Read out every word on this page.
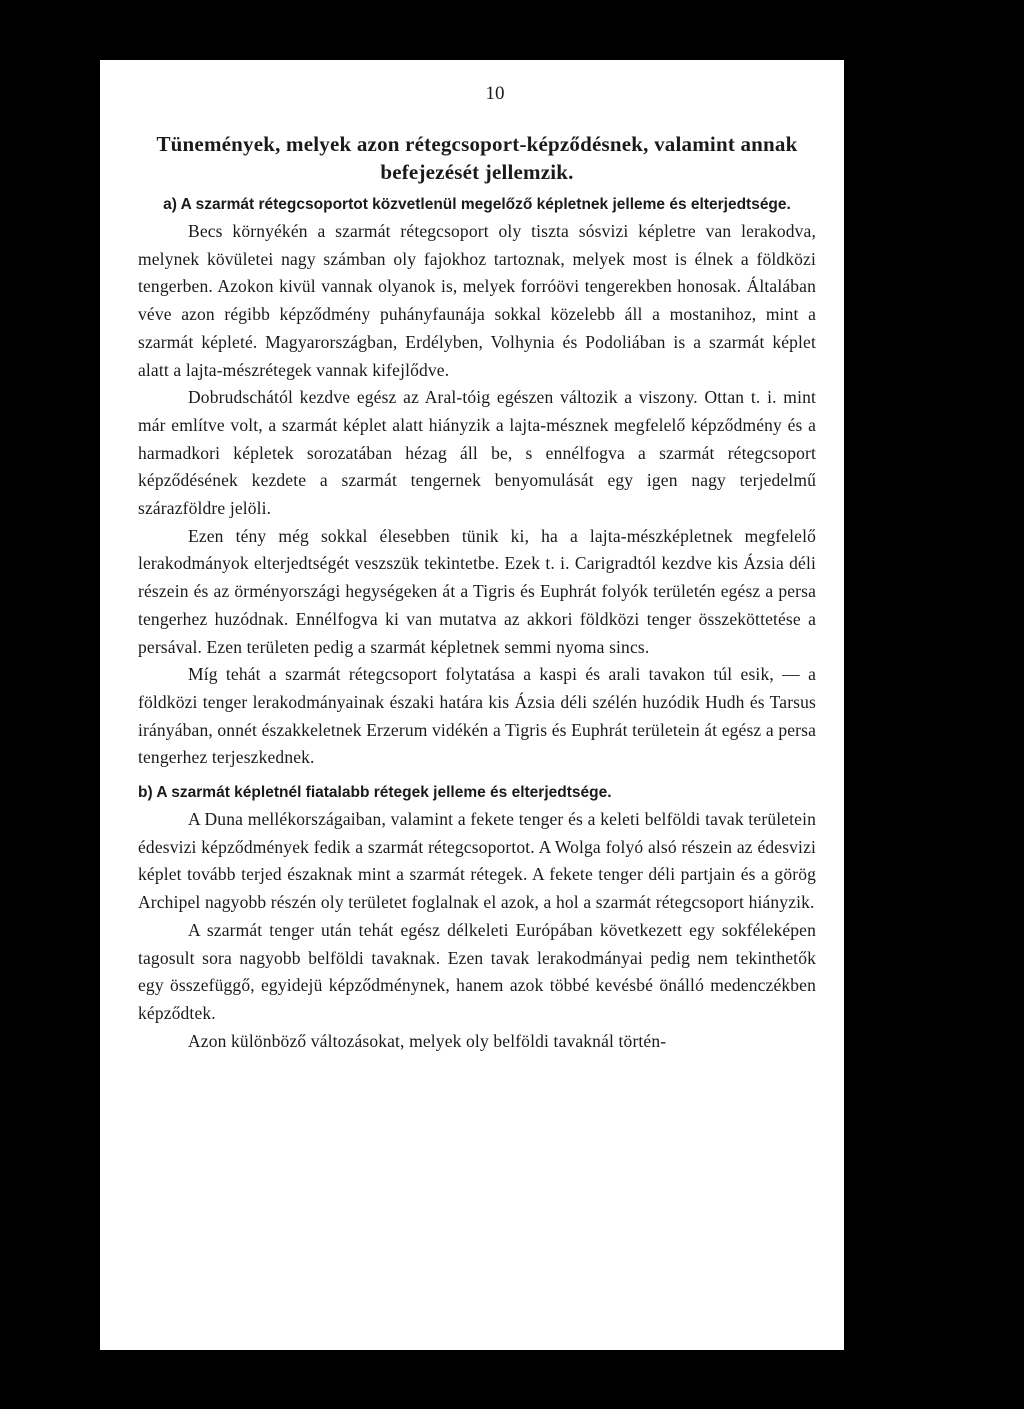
10
Tünemények, melyek azon rétegcsoport-képződésnek, valamint annak befejezését jellemzik.
a) A szarmát rétegcsoportot közvetlenül megelőző képletnek jelleme és elterjedtsége.

Becs környékén a szarmát rétegcsoport oly tiszta sósvizi képletre van lerakodva, melynek kövületei nagy számban oly fajokhoz tartoznak, melyek most is élnek a földközi tengerben. Azokon kivül vannak olyanok is, melyek forróövi tengerekben honosak. Általában véve azon régibb képződmény puhányfaunája sokkal közelebb áll a mostanihoz, mint a szarmát képleté. Magyarországban, Erdélyben, Volhynia és Podoliában is a szarmát képlet alatt a lajta-mészrétegek vannak kifejlődve.

Dobrudschától kezdve egész az Aral-tóig egészen változik a viszony. Ottan t. i. mint már említve volt, a szarmát képlet alatt hiányzik a lajta-mésznek megfelelő képződmény és a harmadkori képletek sorozatában hézag áll be, s ennélfogva a szarmát rétegcsoport képződésének kezdete a szarmát tengernek benyomulását egy igen nagy terjedelmű szárazföldre jelöli.

Ezen tény még sokkal élesebben tünik ki, ha a lajta-mészképletnek megfelelő lerakodmányok elterjedtségét veszszük tekintetbe. Ezek t. i. Carigradtól kezdve kis Ázsia déli részein és az örményországi hegységeken át a Tigris és Euphrát folyók területén egész a persa tengerhez huzódnak. Ennélfogva ki van mutatva az akkori földközi tenger összeköttetése a persával. Ezen területen pedig a szarmát képletnek semmi nyoma sincs.

Míg tehát a szarmát rétegcsoport folytatása a kaspi és arali tavakon túl esik, — a földközi tenger lerakodmányainak északi határa kis Ázsia déli szélén huzódik Hudh és Tarsus irányában, onnét északkeletnek Erzerum vidékén a Tigris és Euphrát területein át egész a persa tengerhez terjeszkednek.

b) A szarmát képletnél fiatalabb rétegek jelleme és elterjedtsége.

A Duna mellékországaiban, valamint a fekete tenger és a keleti belföldi tavak területein édesvizi képződmények fedik a szarmát rétegcsoportot. A Wolga folyó alsó részein az édesvizi képlet tovább terjed északnak mint a szarmát rétegek. A fekete tenger déli partjain és a görög Archipel nagyobb részén oly területet foglalnak el azok, a hol a szarmát rétegcsoport hiányzik.

A szarmát tenger után tehát egész délkeleti Európában következett egy sokféleképen tagosult sora nagyobb belföldi tavaknak. Ezen tavak lerakodmányai pedig nem tekinthetők egy összefüggő, egyidejü képződménynek, hanem azok többé kevésbé önálló medenczékben képződtek.

Azon különböző változásokat, melyek oly belföldi tavaknál történ-
